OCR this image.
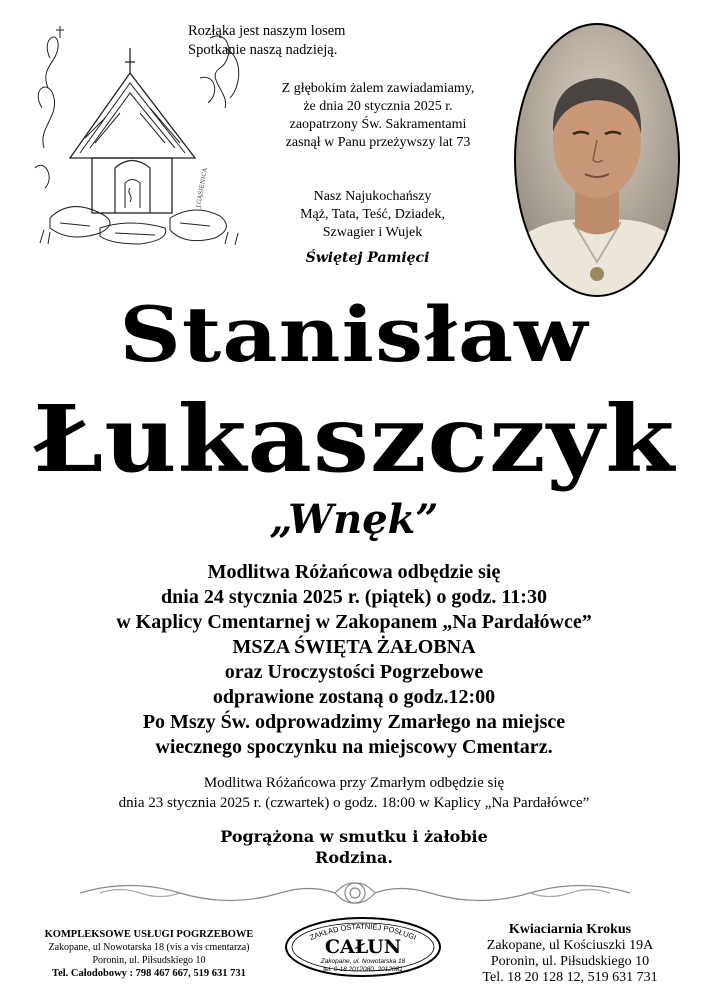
Rozłąka jest naszym losem
Spotkanie naszą nadzieją.
J.GĄSIENICA
Z głębokim żalem zawiadamiamy,
że dnia 20 stycznia 2025 r.
zaopatrzony Św. Sakramentami
zasnął w Panu przeżywszy lat 73
Nasz Najukochańszy
Mąż, Tata, Teść, Dziadek,
Szwagier i Wujek
Świętej Pamięci
Stanisław
Łukaszczyk
„Wnęk”
Modlitwa Różańcowa odbędzie się
dnia 24 stycznia 2025 r. (piątek) o godz. 11:30
w Kaplicy Cmentarnej w Zakopanem „Na Pardałówce”
MSZA ŚWIĘTA ŻAŁOBNA
oraz Uroczystości Pogrzebowe
odprawione zostaną o godz.12:00
Po Mszy Św. odprowadzimy Zmarłego na miejsce
wiecznego spoczynku na miejscowy Cmentarz.
Modlitwa Różańcowa przy Zmarłym odbędzie się
dnia 23 stycznia 2025 r. (czwartek) o godz. 18:00 w Kaplicy „Na Pardałówce”
Pogrążona w smutku i żałobie
Rodzina.
KOMPLEKSOWE USŁUGI POGRZEBOWE
Zakopane, ul Nowotarska 18 (vis a vis cmentarza)
Poronin, ul. Piłsudskiego 10
Tel. Całodobowy : 798 467 667, 519 631 731
ZAKŁAD OSTATNIEJ POSŁUGI
CAŁUN
Zakopane, ul. Nowotarska 18
tel. 0-18 2012080, 2012081
Kwiaciarnia Krokus
Zakopane, ul Kościuszki 19A
Poronin, ul. Piłsudskiego 10
Tel. 18 20 128 12, 519 631 731
